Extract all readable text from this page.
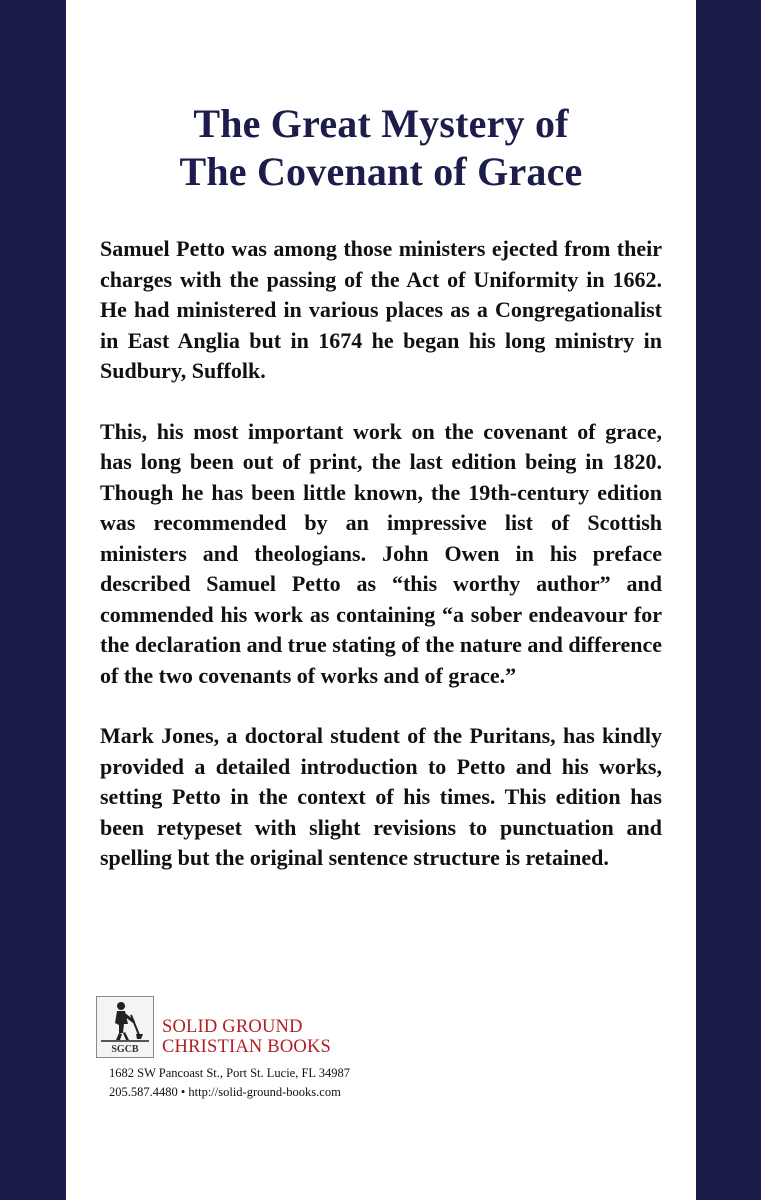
The Great Mystery of
The Covenant of Grace

Samuel Petto was among those ministers ejected from their charges with the passing of the Act of Uniformity in 1662. He had ministered in various places as a Congregationalist in East Anglia but in 1674 he began his long ministry in Sudbury, Suffolk.

This, his most important work on the covenant of grace, has long been out of print, the last edition being in 1820. Though he has been little known, the 19th-century edition was recommended by an impressive list of Scottish ministers and theologians. John Owen in his preface described Samuel Petto as “this worthy author” and commended his work as containing “a sober endeavour for the declaration and true stating of the nature and difference of the two covenants of works and of grace.”

Mark Jones, a doctoral student of the Puritans, has kindly provided a detailed introduction to Petto and his works, setting Petto in the context of his times. This edition has been retypeset with slight revisions to punctuation and spelling but the original sentence structure is retained.

SGCB
SOLID GROUND
CHRISTIAN BOOKS
1682 SW Pancoast St., Port St. Lucie, FL 34987
205.587.4480 • http://solid-ground-books.com
